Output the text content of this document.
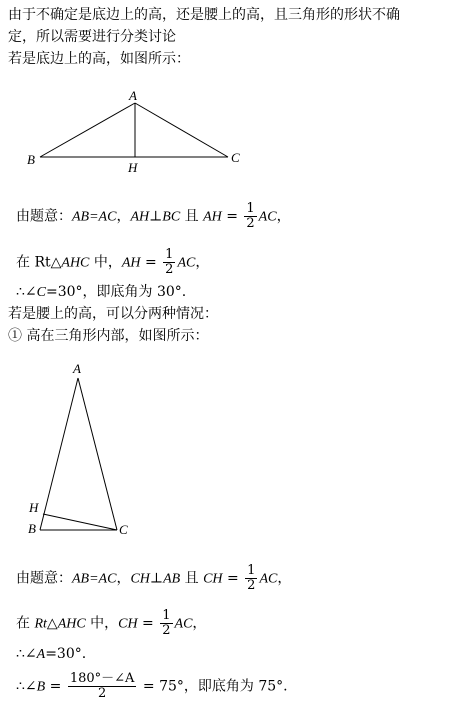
由于不确定是底边上的高，还是腰上的高，且三角形的形状不确
定，所以需要进行分类讨论
若是底边上的高，如图所示：
A
B	C
H
A
B	C
H
由题意：AB=AC，AH⊥BC 且 AH = $\frac{1}{2}$ AC，
在 Rt△AHC 中，AH = $\frac{1}{2}$ AC，
∴∠C=30°，即底角为 30°.
若是腰上的高，可以分两种情况：
① 高在三角形内部，如图所示：
由题意：AB=AC，CH⊥AB 且 CH = $\frac{1}{2}$ AC，
在 Rt△AHC 中，CH = $\frac{1}{2}$ AC，
∴∠A=30°.
∴∠B = $\frac{180^\circ-\angle A}{2} = 75^\circ$，即底角为 75°.
